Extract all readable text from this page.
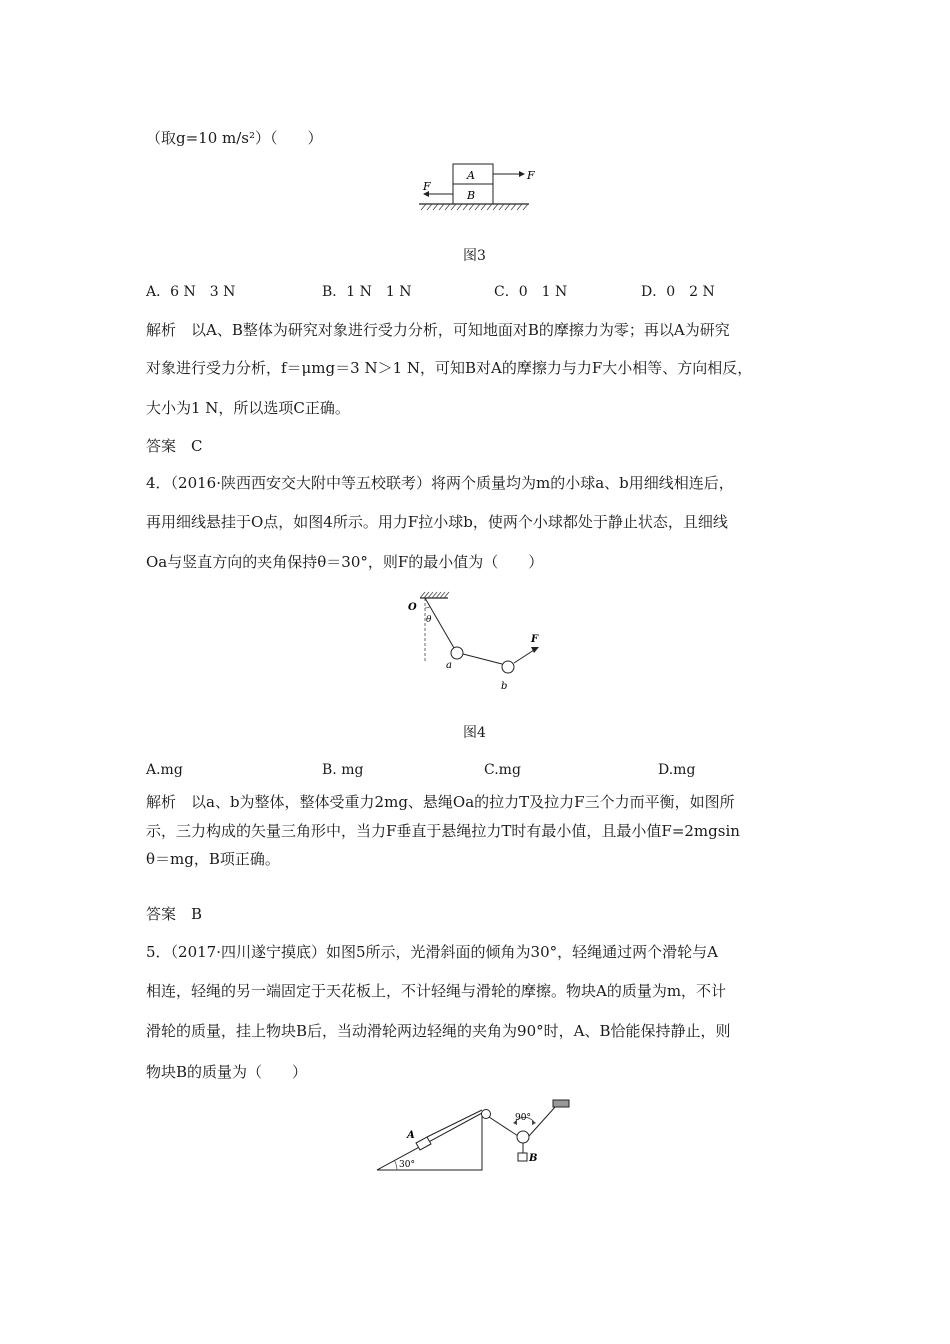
（取g=10 m/s²）（　　）
A
B
F
F
图3
A．6 N　3 N	B．1 N　1 N	C．0　1 N	D．0　2 N
解析　以A、B整体为研究对象进行受力分析，可知地面对B的摩擦力为零；再以A为研究
对象进行受力分析，f＝μmg＝3 N＞1 N，可知B对A的摩擦力与力F大小相等、方向相反，
大小为1 N，所以选项C正确。
答案　C
4．（2016·陕西西安交大附中等五校联考）将两个质量均为m的小球a、b用细线相连后，
再用细线悬挂于O点，如图4所示。用力F拉小球b，使两个小球都处于静止状态，且细线
Oa与竖直方向的夹角保持θ＝30°，则F的最小值为（　　）
O
θ
a
b
F
图4
A.mg	B. mg	C.mg	D.mg
解析　以a、b为整体，整体受重力2mg、悬绳Oa的拉力T及拉力F三个力而平衡，如图所
示，三力构成的矢量三角形中，当力F垂直于悬绳拉力T时有最小值，且最小值F=2mgsin
θ＝mg，B项正确。
答案　B
5．（2017·四川遂宁摸底）如图5所示，光滑斜面的倾角为30°，轻绳通过两个滑轮与A
相连，轻绳的另一端固定于天花板上，不计轻绳与滑轮的摩擦。物块A的质量为m，不计
滑轮的质量，挂上物块B后，当动滑轮两边轻绳的夹角为90°时，A、B恰能保持静止，则
物块B的质量为（　　）
30°
A
90°
B
